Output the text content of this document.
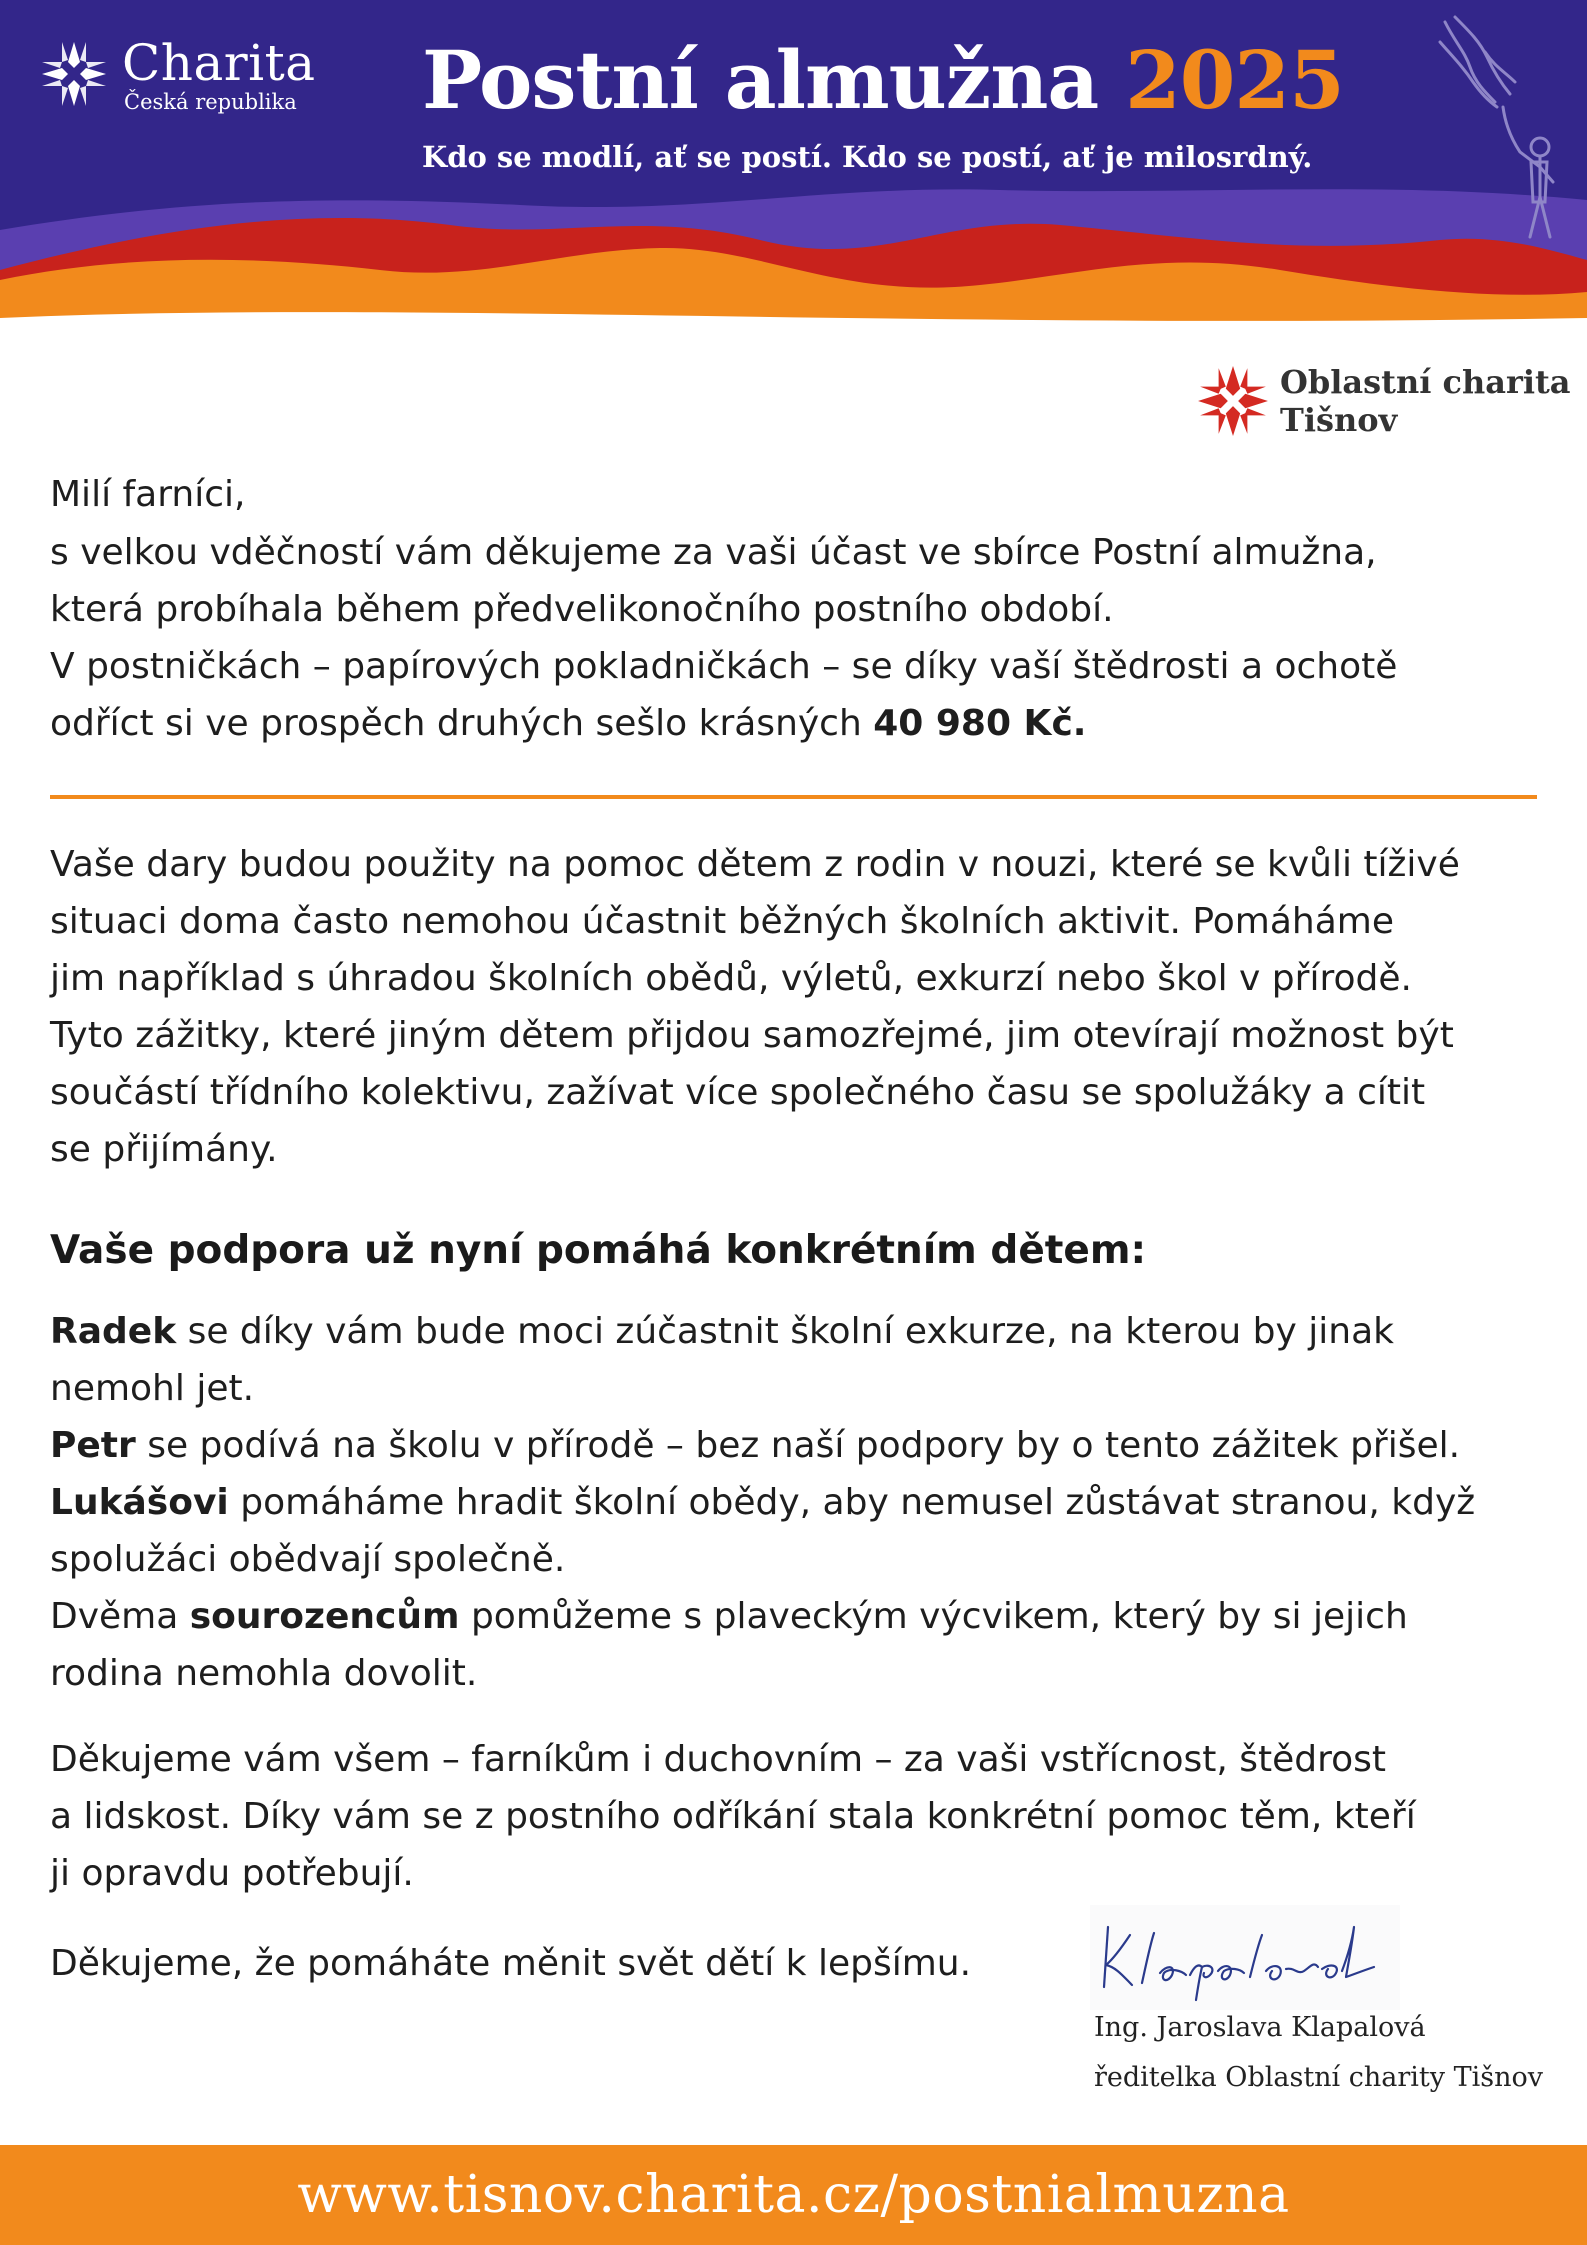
Charita
Česká republika Postní almužna 2025
Kdo se modlí, ať se postí. Kdo se postí, ať je milosrdný.
Oblastní charita
Tišnov

Milí farníci,

s velkou vděčností vám děkujeme za vaši účast ve sbírce Postní almužna,

která probíhala během předvelikonočního postního období.

V postničkách – papírových pokladničkách – se díky vaší štědrosti a ochotě

odříct si ve prospěch druhých sešlo krásných 40 980 Kč.

Vaše dary budou použity na pomoc dětem z rodin v nouzi, které se kvůli tíživé

situaci doma často nemohou účastnit běžných školních aktivit. Pomáháme

jim například s úhradou školních obědů, výletů, exkurzí nebo škol v přírodě.

Tyto zážitky, které jiným dětem přijdou samozřejmé, jim otevírají možnost být

součástí třídního kolektivu, zažívat více společného času se spolužáky a cítit

se přijímány.

Vaše podpora už nyní pomáhá konkrétním dětem:

Radek se díky vám bude moci zúčastnit školní exkurze, na kterou by jinak

nemohl jet.

Petr se podívá na školu v přírodě – bez naší podpory by o tento zážitek přišel.

Lukášovi pomáháme hradit školní obědy, aby nemusel zůstávat stranou, když

spolužáci obědvají společně.

Dvěma sourozencům pomůžeme s plaveckým výcvikem, který by si jejich

rodina nemohla dovolit.

Děkujeme vám všem – farníkům i duchovním – za vaši vstřícnost, štědrost

a lidskost. Díky vám se z postního odříkání stala konkrétní pomoc těm, kteří

ji opravdu potřebují.

Děkujeme, že pomáháte měnit svět dětí k lepšímu.
Ing. Jaroslava Klapalová
ředitelka Oblastní charity Tišnov
www.tisnov.charita.cz/postnialmuzna
